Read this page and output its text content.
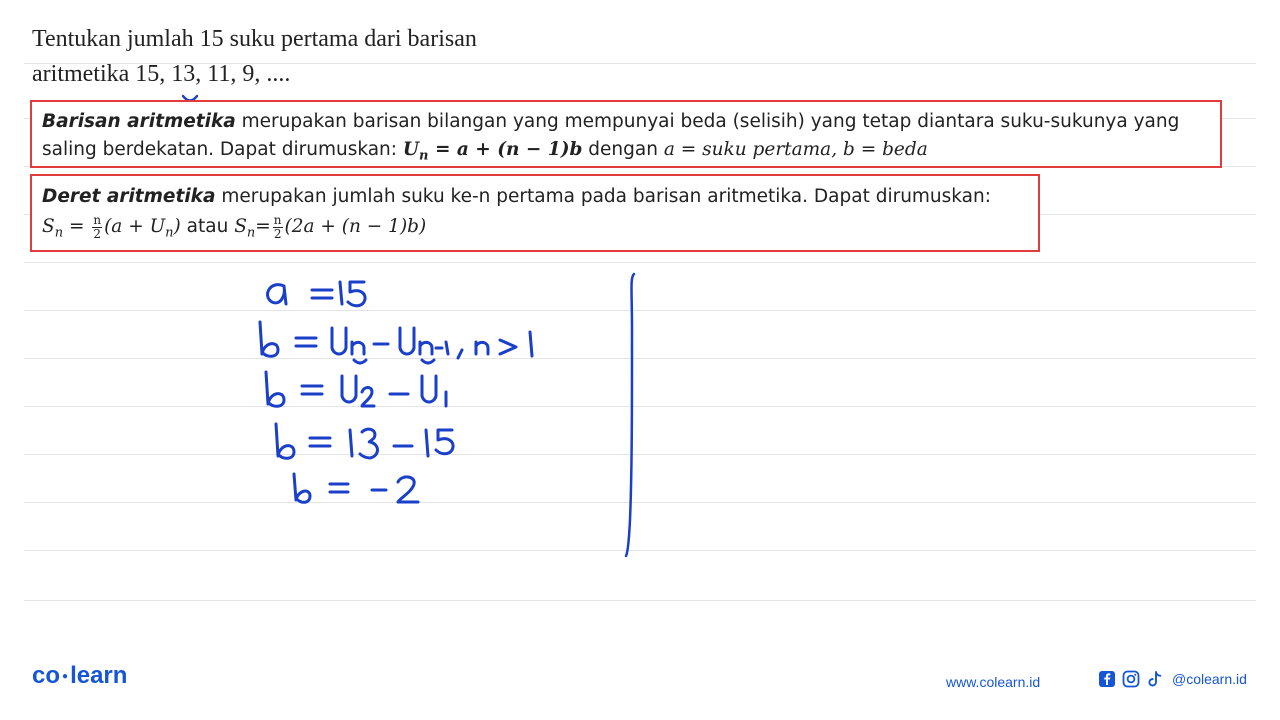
Tentukan jumlah 15 suku pertama dari barisan
aritmetika 15, 13
, 11, 9, ....
Barisan aritmetika merupakan barisan bilangan yang mempunyai beda (selisih) yang tetap diantara suku-sukunya yang saling berdekatan. Dapat dirumuskan: $U_n = a + (n - 1)b$ dengan a = suku pertama, b = beda
Deret aritmetika merupakan jumlah suku ke-n pertama pada barisan aritmetika. Dapat dirumuskan:
$S_n = \frac{n}{2} (a + U_n)$ atau $S_n= \frac{n}{2} (2a + (n - 1)b)$
co ●learn	www.colearn.id	@colearn.id
